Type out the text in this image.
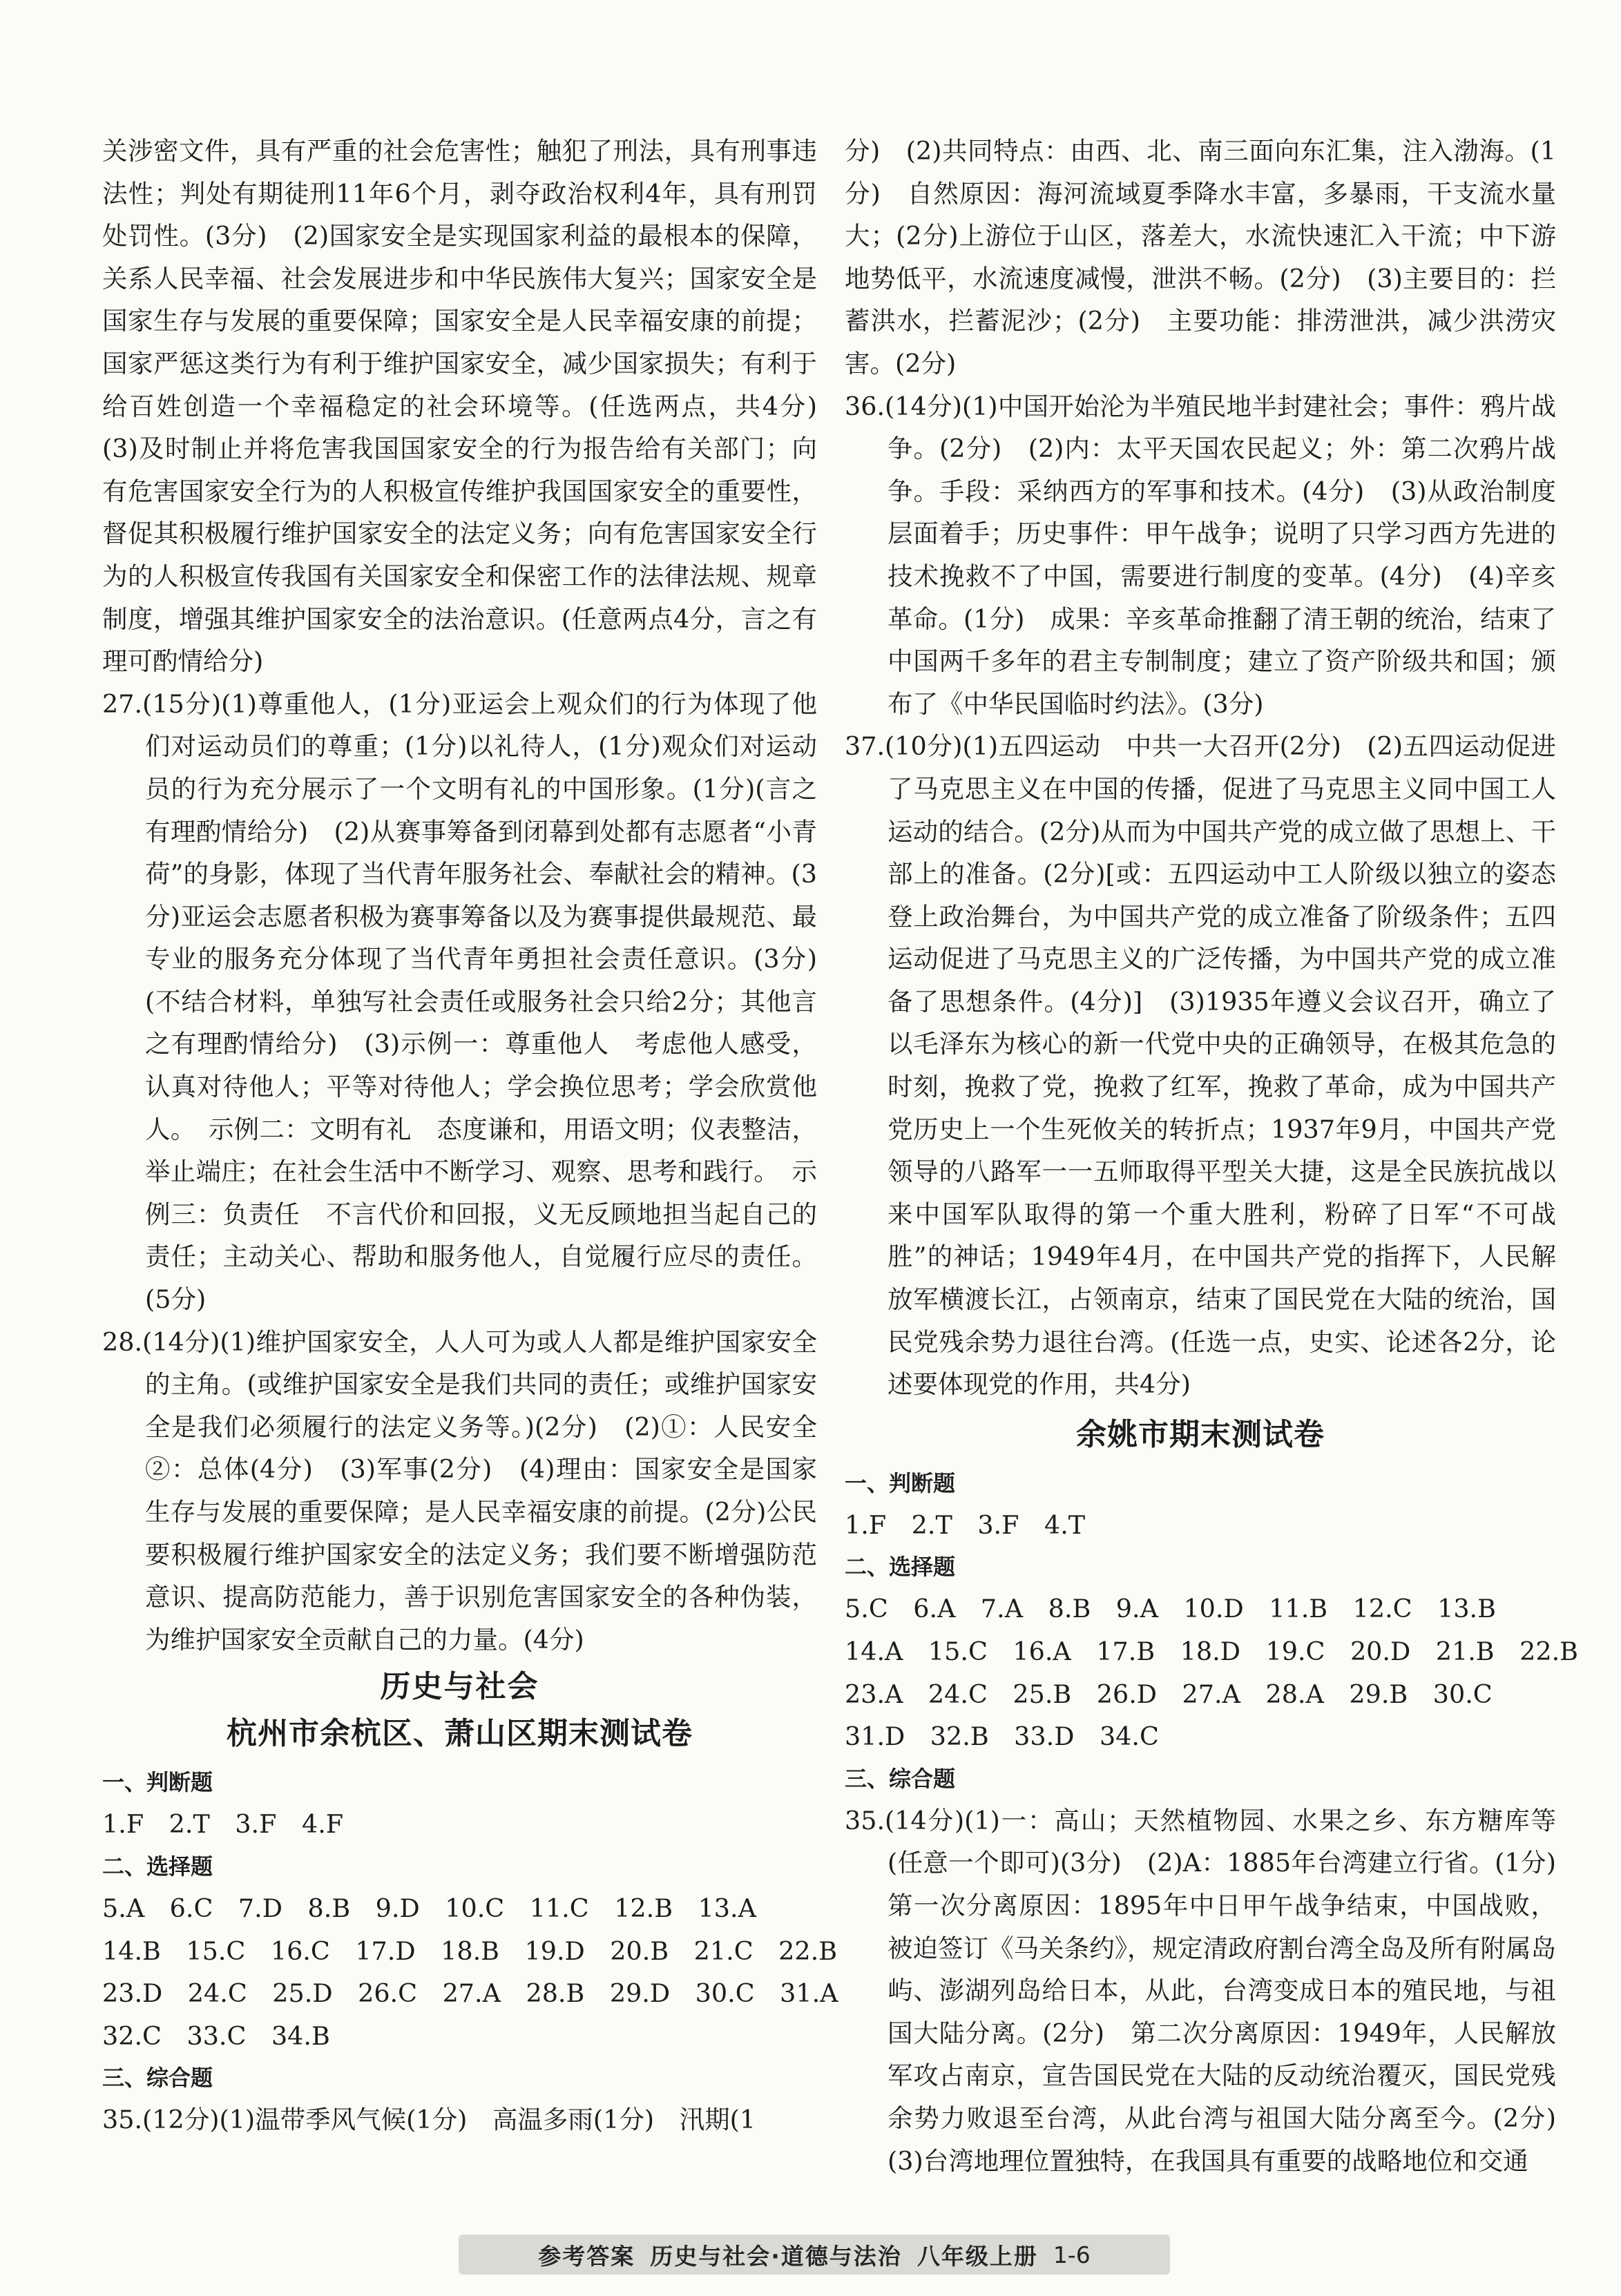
关涉密文件，具有严重的社会危害性；触犯了刑法，具有刑事违法性；判处有期徒刑11年6个月，剥夺政治权利4年，具有刑罚处罚性。(3分)　(2)国家安全是实现国家利益的最根本的保障，关系人民幸福、社会发展进步和中华民族伟大复兴；国家安全是国家生存与发展的重要保障；国家安全是人民幸福安康的前提；国家严惩这类行为有利于维护国家安全，减少国家损失；有利于给百姓创造一个幸福稳定的社会环境等。(任选两点，共4分)　(3)及时制止并将危害我国国家安全的行为报告给有关部门；向有危害国家安全行为的人积极宣传维护我国国家安全的重要性，督促其积极履行维护国家安全的法定义务；向有危害国家安全行为的人积极宣传我国有关国家安全和保密工作的法律法规、规章制度，增强其维护国家安全的法治意识。(任意两点4分，言之有理可酌情给分)

27.(15分)(1)尊重他人，(1分)亚运会上观众们的行为体现了他们对运动员们的尊重；(1分)以礼待人，(1分)观众们对运动员的行为充分展示了一个文明有礼的中国形象。(1分)(言之有理酌情给分)　(2)从赛事筹备到闭幕到处都有志愿者“小青荷”的身影，体现了当代青年服务社会、奉献社会的精神。(3分)亚运会志愿者积极为赛事筹备以及为赛事提供最规范、最专业的服务充分体现了当代青年勇担社会责任意识。(3分)(不结合材料，单独写社会责任或服务社会只给2分；其他言之有理酌情给分)　(3)示例一：尊重他人　考虑他人感受，认真对待他人；平等对待他人；学会换位思考；学会欣赏他人。　示例二：文明有礼　态度谦和，用语文明；仪表整洁，举止端庄；在社会生活中不断学习、观察、思考和践行。　示例三：负责任　不言代价和回报，义无反顾地担当起自己的责任；主动关心、帮助和服务他人，自觉履行应尽的责任。(5分)

28.(14分)(1)维护国家安全，人人可为或人人都是维护国家安全的主角。(或维护国家安全是我们共同的责任；或维护国家安全是我们必须履行的法定义务等。)(2分)　(2)①：人民安全　②：总体(4分)　(3)军事(2分)　(4)理由：国家安全是国家生存与发展的重要保障；是人民幸福安康的前提。(2分)公民要积极履行维护国家安全的法定义务；我们要不断增强防范意识、提高防范能力，善于识别危害国家安全的各种伪装，为维护国家安全贡献自己的力量。(4分)

历史与社会
杭州市余杭区、萧山区期末测试卷
一、判断题
1.F　2.T　3.F　4.F
二、选择题
5.A　6.C　7.D　8.B　9.D　10.C　11.C　12.B　13.A
14.B　15.C　16.C　17.D　18.B　19.D　20.B　21.C　22.B
23.D　24.C　25.D　26.C　27.A　28.B　29.D　30.C　31.A
32.C　33.C　34.B
三、综合题

35.(12分)(1)温带季风气候(1分)　高温多雨(1分)　汛期(1

分)　(2)共同特点：由西、北、南三面向东汇集，注入渤海。(1分)　自然原因：海河流域夏季降水丰富，多暴雨，干支流水量大；(2分)上游位于山区，落差大，水流快速汇入干流；中下游地势低平，水流速度减慢，泄洪不畅。(2分)　(3)主要目的：拦蓄洪水，拦蓄泥沙；(2分)　主要功能：排涝泄洪，减少洪涝灾害。(2分)

36.(14分)(1)中国开始沦为半殖民地半封建社会；事件：鸦片战争。(2分)　(2)内：太平天国农民起义；外：第二次鸦片战争。手段：采纳西方的军事和技术。(4分)　(3)从政治制度层面着手；历史事件：甲午战争；说明了只学习西方先进的技术挽救不了中国，需要进行制度的变革。(4分)　(4)辛亥革命。(1分)　成果：辛亥革命推翻了清王朝的统治，结束了中国两千多年的君主专制制度；建立了资产阶级共和国；颁布了《中华民国临时约法》。(3分)

37.(10分)(1)五四运动　中共一大召开(2分)　(2)五四运动促进了马克思主义在中国的传播，促进了马克思主义同中国工人运动的结合。(2分)从而为中国共产党的成立做了思想上、干部上的准备。(2分)[或：五四运动中工人阶级以独立的姿态登上政治舞台，为中国共产党的成立准备了阶级条件；五四运动促进了马克思主义的广泛传播，为中国共产党的成立准备了思想条件。(4分)]　(3)1935年遵义会议召开，确立了以毛泽东为核心的新一代党中央的正确领导，在极其危急的时刻，挽救了党，挽救了红军，挽救了革命，成为中国共产党历史上一个生死攸关的转折点；1937年9月，中国共产党领导的八路军一一五师取得平型关大捷，这是全民族抗战以来中国军队取得的第一个重大胜利，粉碎了日军“不可战胜”的神话；1949年4月，在中国共产党的指挥下，人民解放军横渡长江，占领南京，结束了国民党在大陆的统治，国民党残余势力退往台湾。(任选一点，史实、论述各2分，论述要体现党的作用，共4分)

余姚市期末测试卷
一、判断题
1.F　2.T　3.F　4.T
二、选择题
5.C　6.A　7.A　8.B　9.A　10.D　11.B　12.C　13.B
14.A　15.C　16.A　17.B　18.D　19.C　20.D　21.B　22.B
23.A　24.C　25.B　26.D　27.A　28.A　29.B　30.C
31.D　32.B　33.D　34.C
三、综合题

35.(14分)(1)一：高山；天然植物园、水果之乡、东方糖库等(任意一个即可)(3分)　(2)A：1885年台湾建立行省。(1分)　第一次分离原因：1895年中日甲午战争结束，中国战败，被迫签订《马关条约》，规定清政府割台湾全岛及所有附属岛屿、澎湖列岛给日本，从此，台湾变成日本的殖民地，与祖国大陆分离。(2分)　第二次分离原因：1949年，人民解放军攻占南京，宣告国民党在大陆的反动统治覆灭，国民党残余势力败退至台湾，从此台湾与祖国大陆分离至今。(2分)　(3)台湾地理位置独特，在我国具有重要的战略地位和交通

参考答案 历史与社会·道德与法治 八年级上册 1-6
